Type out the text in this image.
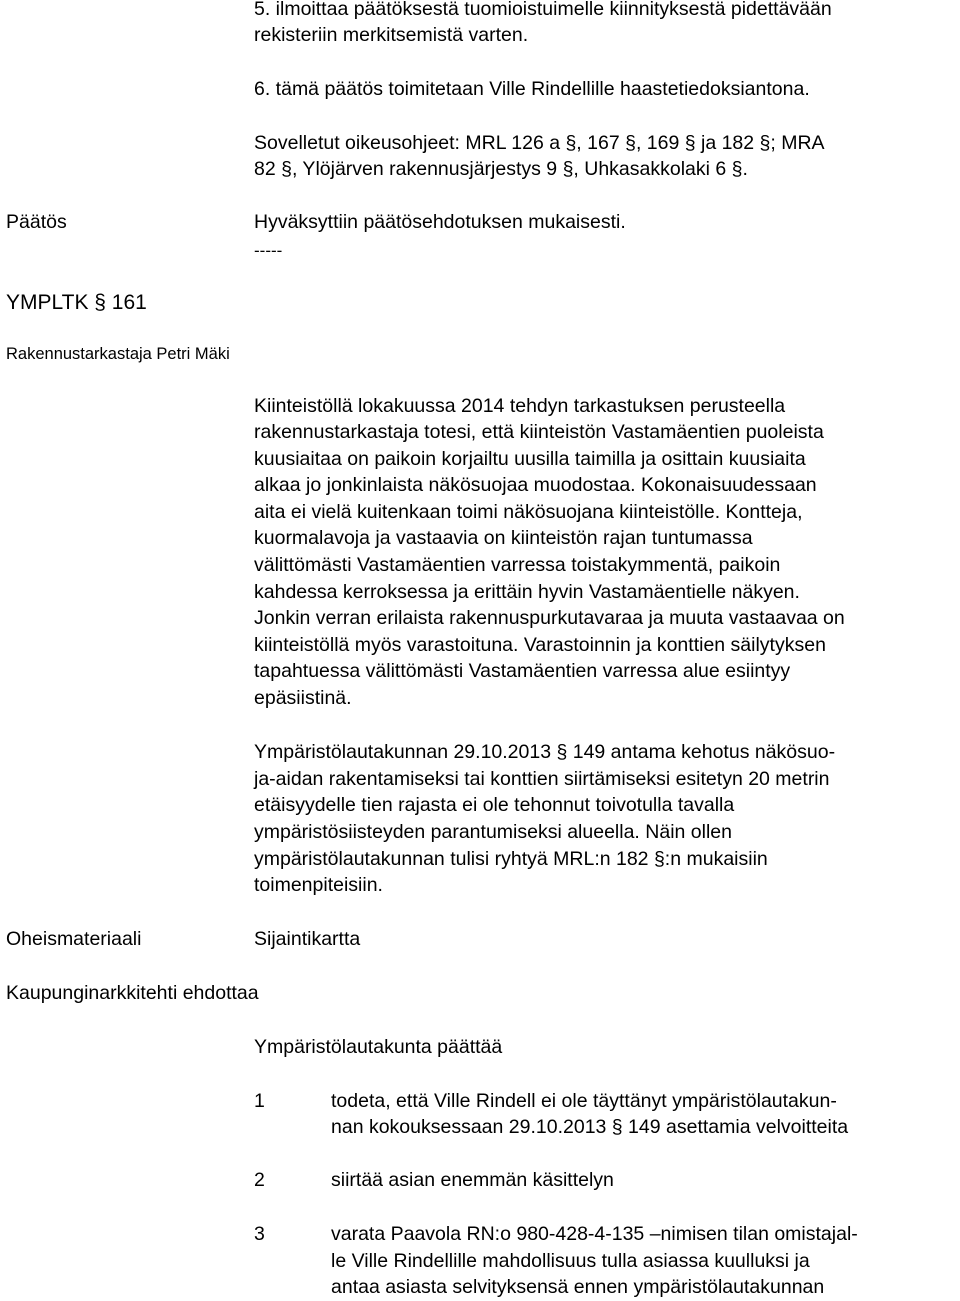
5. ilmoittaa päätöksestä tuomioistuimelle kiinnityksestä pidettävään
rekisteriin merkitsemistä varten.
6. tämä päätös toimitetaan Ville Rindellille haastetiedoksiantona.
Sovelletut oikeusohjeet: MRL 126 a §, 167 §, 169 § ja 182 §; MRA
82 §, Ylöjärven rakennusjärjestys 9 §, Uhkasakkolaki 6 §.
Päätös	Hyväksyttiin päätösehdotuksen mukaisesti.
-----
YMPLTK § 161
Rakennustarkastaja Petri Mäki
Kiinteistöllä lokakuussa 2014 tehdyn tarkastuksen perusteella
rakennustarkastaja totesi, että kiinteistön Vastamäentien puoleista
kuusiaitaa on paikoin korjailtu uusilla taimilla ja osittain kuusiaita
alkaa jo jonkinlaista näkösuojaa muodostaa. Kokonaisuudessaan
aita ei vielä kuitenkaan toimi näkösuojana kiinteistölle. Kontteja,
kuormalavoja ja vastaavia on kiinteistön rajan tuntumassa
välittömästi Vastamäentien varressa toistakymmentä, paikoin
kahdessa kerroksessa ja erittäin hyvin Vastamäentielle näkyen.
Jonkin verran erilaista rakennuspurkutavaraa ja muuta vastaavaa on
kiinteistöllä myös varastoituna. Varastoinnin ja konttien säilytyksen
tapahtuessa välittömästi Vastamäentien varressa alue esiintyy
epäsiistinä.
Ympäristölautakunnan 29.10.2013 § 149 antama kehotus näkösuo-
ja-aidan rakentamiseksi tai konttien siirtämiseksi esitetyn 20 metrin
etäisyydelle tien rajasta ei ole tehonnut toivotulla tavalla
ympäristösiisteyden parantumiseksi alueella. Näin ollen
ympäristölautakunnan tulisi ryhtyä MRL:n 182 §:n mukaisiin
toimenpiteisiin.
Oheismateriaali	Sijaintikartta
Kaupunginarkkitehti ehdottaa
Ympäristölautakunta päättää
1	todeta, että Ville Rindell ei ole täyttänyt ympäristölautakun-
nan kokouksessaan 29.10.2013 § 149 asettamia velvoitteita
2	siirtää asian enemmän käsittelyn
3	varata Paavola RN:o 980-428-4-135 –nimisen tilan omistajal-
le Ville Rindellille mahdollisuus tulla asiassa kuulluksi ja
antaa asiasta selvityksensä ennen ympäristölautakunnan
